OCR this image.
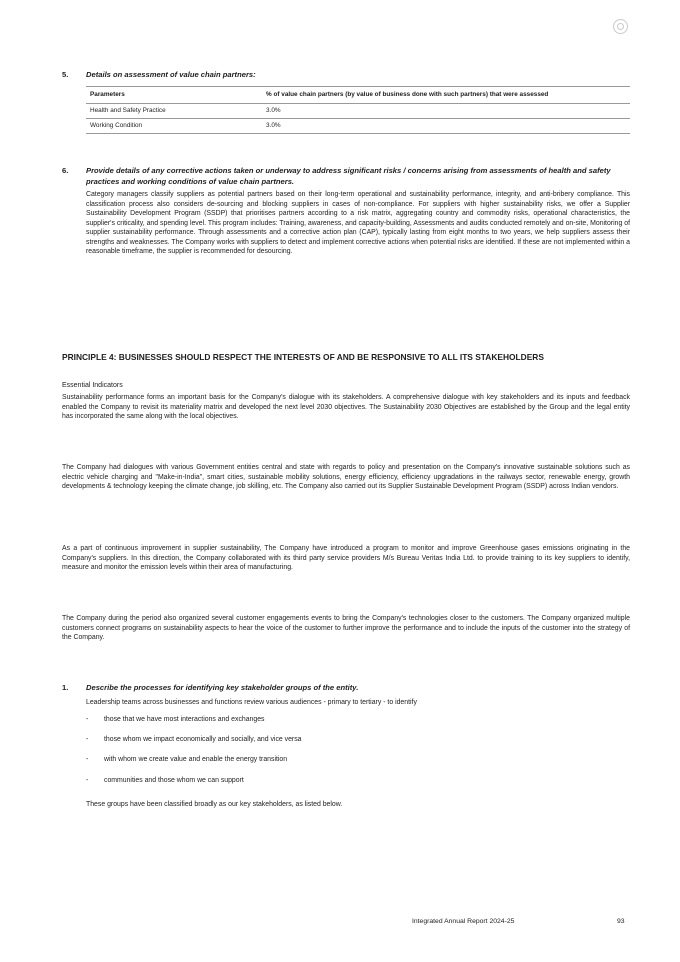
5. Details on assessment of value chain partners:
Parameters	% of value chain partners (by value of business done with such partners) that were assessed
Health and Safety Practice	3.0%
Working Condition	3.0%
6. Provide details of any corrective actions taken or underway to address significant risks / concerns arising from assessments of health and safety practices and working conditions of value chain partners.

Category managers classify suppliers as potential partners based on their long-term operational and sustainability performance, integrity, and anti-bribery compliance. This classification process also considers de-sourcing and blocking suppliers in cases of non-compliance. For suppliers with higher sustainability risks, we offer a Supplier Sustainability Development Program (SSDP) that prioritises partners according to a risk matrix, aggregating country and commodity risks, operational characteristics, the supplier's criticality, and spending level. This program includes: Training, awareness, and capacity-building, Assessments and audits conducted remotely and on-site, Monitoring of supplier sustainability performance. Through assessments and a corrective action plan (CAP), typically lasting from eight months to two years, we help suppliers assess their strengths and weaknesses. The Company works with suppliers to detect and implement corrective actions when potential risks are identified. If these are not implemented within a reasonable timeframe, the supplier is recommended for desourcing.

PRINCIPLE 4: BUSINESSES SHOULD RESPECT THE INTERESTS OF AND BE RESPONSIVE TO ALL ITS STAKEHOLDERS

Essential Indicators

Sustainability performance forms an important basis for the Company's dialogue with its stakeholders. A comprehensive dialogue with key stakeholders and its inputs and feedback enabled the Company to revisit its materiality matrix and developed the next level 2030 objectives. The Sustainability 2030 Objectives are established by the Group and the legal entity has incorporated the same along with the local objectives.

The Company had dialogues with various Government entities central and state with regards to policy and presentation on the Company's innovative sustainable solutions such as electric vehicle charging and "Make-in-India", smart cities, sustainable mobility solutions, energy efficiency, efficiency upgradations in the railways sector, renewable energy, growth developments & technology keeping the climate change, job skilling, etc. The Company also carried out its Supplier Sustainable Development Program (SSDP) across Indian vendors.

As a part of continuous improvement in supplier sustainability, The Company have introduced a program to monitor and improve Greenhouse gases emissions originating in the Company's suppliers. In this direction, the Company collaborated with its third party service providers M/s Bureau Veritas India Ltd. to provide training to its key suppliers to identify, measure and monitor the emission levels within their area of manufacturing.

The Company during the period also organized several customer engagements events to bring the Company's technologies closer to the customers. The Company organized multiple customers connect programs on sustainability aspects to hear the voice of the customer to further improve the performance and to include the inputs of the customer into the strategy of the Company.

1. Describe the processes for identifying key stakeholder groups of the entity.

Leadership teams across businesses and functions review various audiences - primary to tertiary - to identify

- those that we have most interactions and exchanges
- those whom we impact economically and socially, and vice versa
- with whom we create value and enable the energy transition
- communities and those whom we can support

These groups have been classified broadly as our key stakeholders, as listed below.

Integrated Annual Report 2024-25	93
